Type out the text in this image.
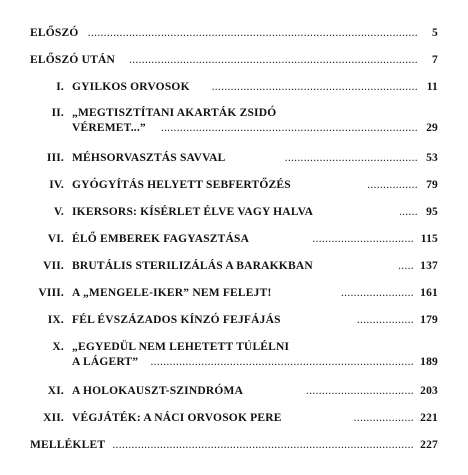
ELŐSZÓ .....	5
ELŐSZÓ UTÁN .....	7
I. GYILKOS ORVOSOK .....	11
II. „MEGTISZTÍTANI AKARTÁK ZSIDÓ
VÉREMET...” .....	29
III. MÉHSORVASZTÁS SAVVAL .....	53
IV. GYÓGYÍTÁS HELYETT SEBFERTŐZÉS .....	79
V. IKERSORS: KÍSÉRLET ÉLVE VAGY HALVA .....	95
VI. ÉLŐ EMBEREK FAGYASZTÁSA .....	115
VII. BRUTÁLIS STERILIZÁLÁS A BARAKKBAN .....	137
VIII. A „MENGELE-IKER” NEM FELEJT! .....	161
IX. FÉL ÉVSZÁZADOS KÍNZÓ FEJFÁJÁS .....	179
X. „EGYEDÜL NEM LEHETETT TÚLÉLNI
A LÁGERT” .....	189
XI. A HOLOKAUSZT-SZINDRÓMA .....	203
XII. VÉGJÁTÉK: A NÁCI ORVOSOK PERE .....	221
MELLÉKLET .....	227
